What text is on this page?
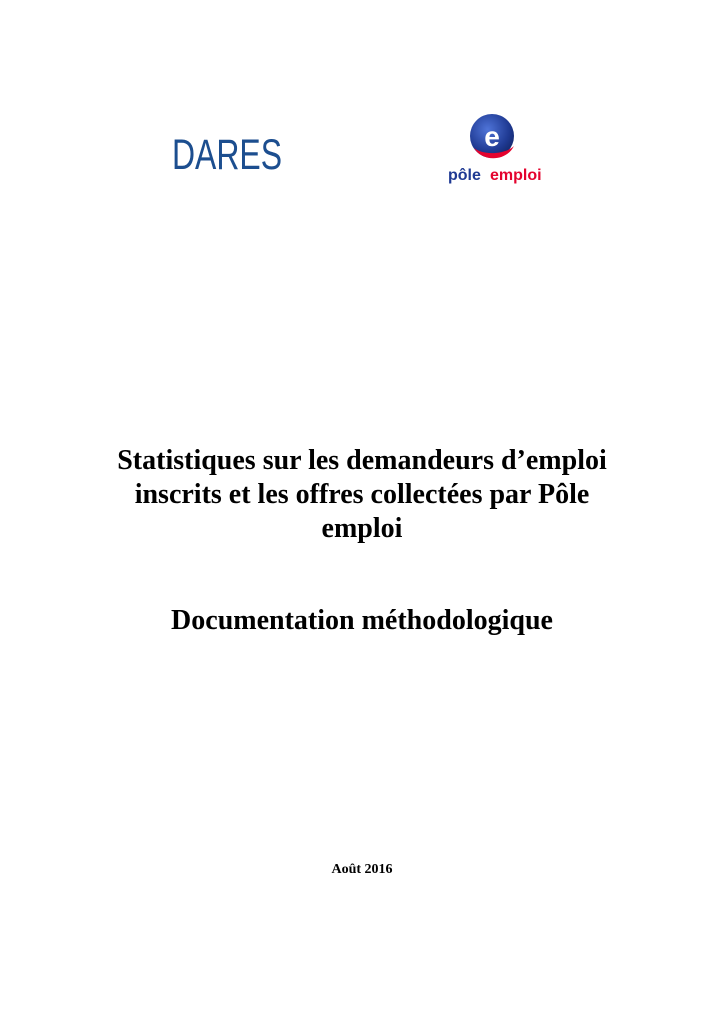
DARES	e
pôle emploi
Statistiques sur les demandeurs d’emploi
inscrits et les offres collectées par Pôle
emploi
Documentation méthodologique
Août 2016
